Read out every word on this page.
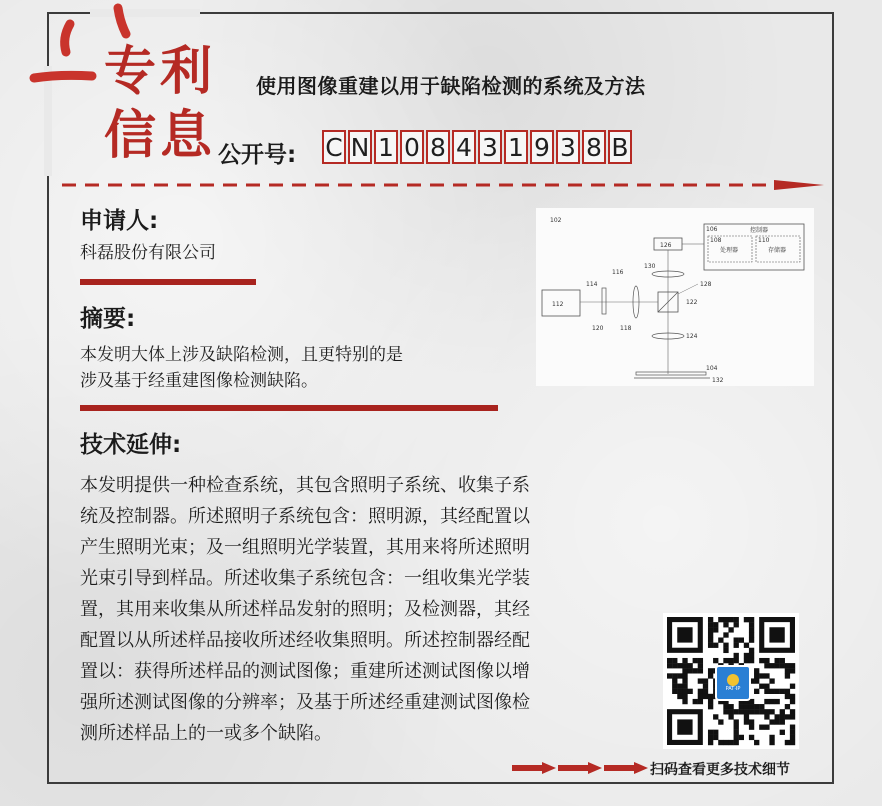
专利
信息
使用图像重建以用于缺陷检测的系统及方法
公开号: C N 1 0 8 4 3 1 9 3 8 B
申请人:
科磊股份有限公司
摘要:
本发明大体上涉及缺陷检测，且更特别的是
涉及基于经重建图像检测缺陷。
技术延伸:
本发明提供一种检查系统，其包含照明子系统、收集子系
统及控制器。所述照明子系统包含：照明源，其经配置以
产生照明光束；及一组照明光学装置，其用来将所述照明
光束引导到样品。所述收集子系统包含：一组收集光学装
置，其用来收集从所述样品发射的照明；及检测器，其经
配置以从所述样品接收所述经收集照明。所述控制器经配
置以：获得所述样品的测试图像；重建所述测试图像以增
强所述测试图像的分辨率；及基于所述经重建测试图像检
测所述样品上的一或多个缺陷。
102
106	控制器
108
处理器
110
存储器
126
130
122
128
112
114
120
116
118
124
104
132
PAT·IP
扫码查看更多技术细节
